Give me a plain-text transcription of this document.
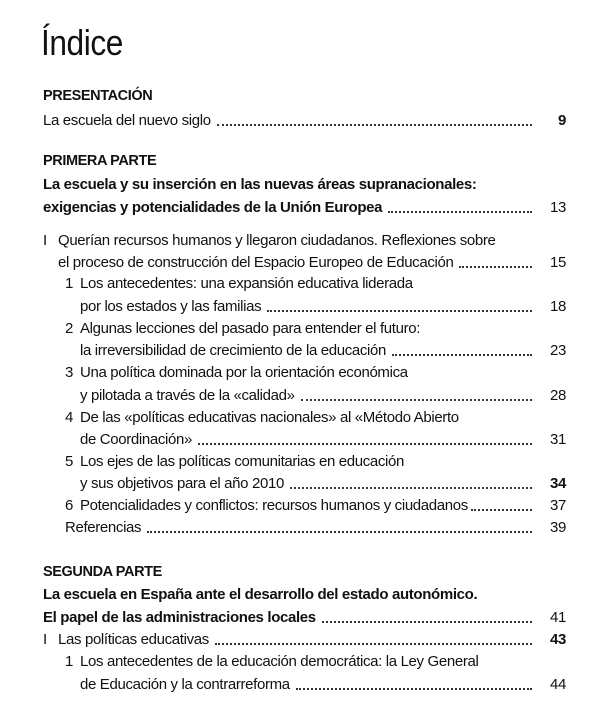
Índice
PRESENTACIÓN
La escuela del nuevo siglo	9
PRIMERA PARTE
La escuela y su inserción en las nuevas áreas supranacionales:
exigencias y potencialidades de la Unión Europea	13
I Querían recursos humanos y llegaron ciudadanos. Reflexiones sobre
el proceso de construcción del Espacio Europeo de Educación	15
1 Los antecedentes: una expansión educativa liderada
por los estados y las familias	18
2 Algunas lecciones del pasado para entender el futuro:
la irreversibilidad de crecimiento de la educación	23
3 Una política dominada por la orientación económica
y pilotada a través de la «calidad»	28
4 De las «políticas educativas nacionales» al «Método Abierto
de Coordinación»	31
5 Los ejes de las políticas comunitarias en educación
y sus objetivos para el año 2010	34
6 Potencialidades y conflictos: recursos humanos y ciudadanos	37
Referencias	39
SEGUNDA PARTE
La escuela en España ante el desarrollo del estado autonómico.
El papel de las administraciones locales	41
I Las políticas educativas	43
1 Los antecedentes de la educación democrática: la Ley General
de Educación y la contrarreforma	44
